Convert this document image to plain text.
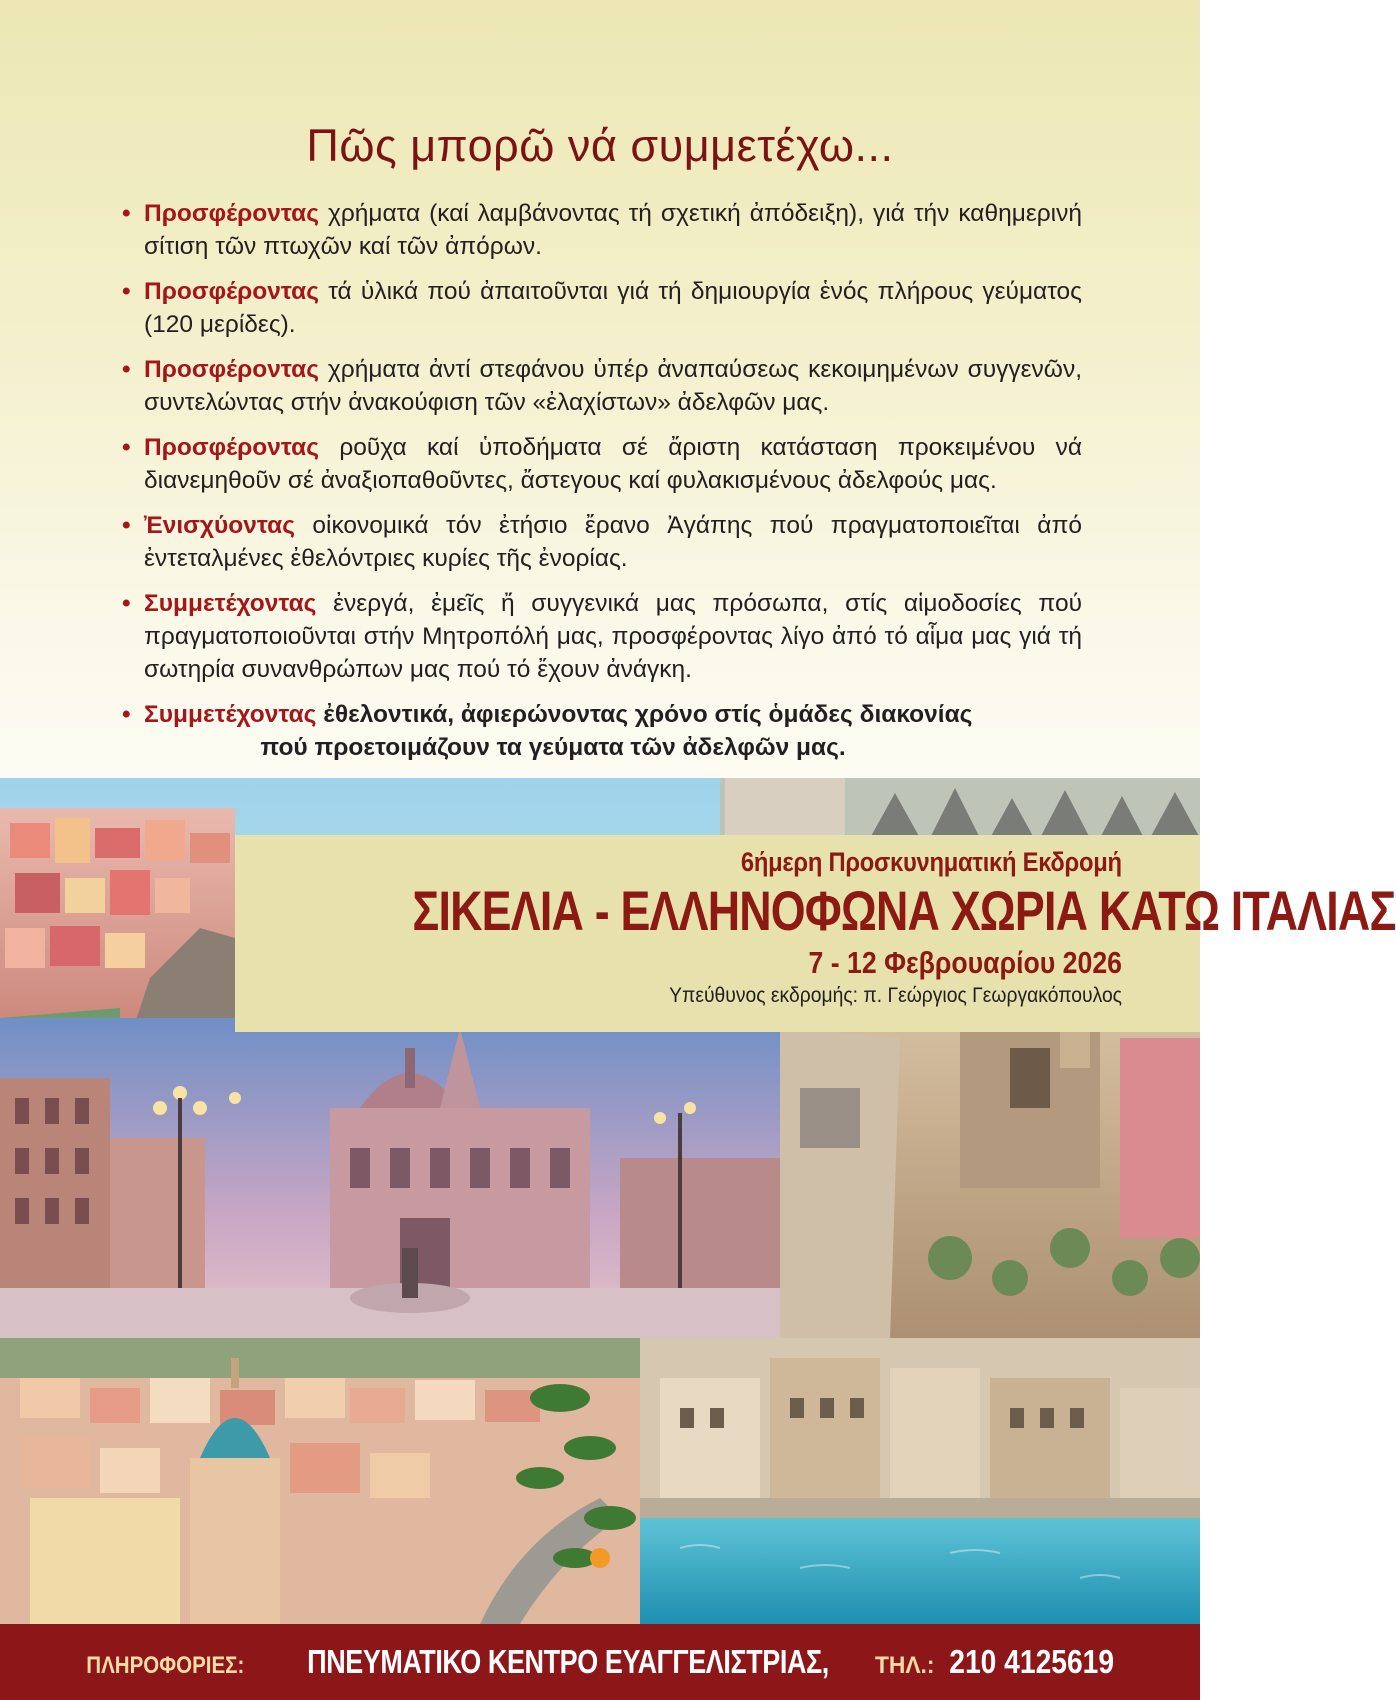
Πῶς μπορῶ νά συμμετέχω...
• Προσφέροντας χρήματα (καί λαμβάνοντας τή σχετική ἀπόδειξη), γιά τήν καθημερινή σίτιση τῶν πτωχῶν καί τῶν ἀπόρων.
• Προσφέροντας τά ὑλικά πού ἀπαιτοῦνται γιά τή δημιουργία ἑνός πλήρους γεύματος (120 μερίδες).
• Προσφέροντας χρήματα ἀντί στεφάνου ὑπέρ ἀναπαύσεως κεκοιμημένων συγγενῶν, συντελώντας στήν ἀνακούφιση τῶν «ἐλαχίστων» ἀδελφῶν μας.
• Προσφέροντας ροῦχα καί ὑποδήματα σέ ἄριστη κατάσταση προκειμένου νά διανεμηθοῦν σέ ἀναξιοπαθοῦντες, ἄστεγους καί φυλακισμένους ἀδελφούς μας.
• Ἐνισχύοντας οἰκονομικά τόν ἐτήσιο ἔρανο Ἀγάπης πού πραγματοποιεῖται ἀπό ἐντεταλμένες ἐθελόντριες κυρίες τῆς ἐνορίας.
• Συμμετέχοντας ἐνεργά, ἐμεῖς ἤ συγγενικά μας πρόσωπα, στίς αἱμοδοσίες πού πραγματοποιοῦνται στήν Μητροπόλή μας, προσφέροντας λίγο ἀπό τό αἷμα μας γιά τή σωτηρία συνανθρώπων μας πού τό ἔχουν ἀνάγκη.
• Συμμετέχοντας ἐθελοντικά, ἀφιερώνοντας χρόνο στίς ὁμάδες διακονίας
πού προετοιμάζουν τα γεύματα τῶν ἀδελφῶν μας.
6ήμερη Προσκυνηματική Εκδρομή
ΣΙΚΕΛΙΑ - ΕΛΛΗΝΟΦΩΝΑ ΧΩΡΙΑ ΚΑΤΩ ΙΤΑΛΙΑΣ
7 - 12 Φεβρουαρίου 2026
Υπεύθυνος εκδρομής: π. Γεώργιος Γεωργακόπουλος
ΠΛΗΡΟΦΟΡΙΕΣ: ΠΝΕΥΜΑΤΙΚΟ ΚΕΝΤΡΟ ΕΥΑΓΓΕΛΙΣΤΡΙΑΣ, ΤΗΛ.: 210 4125619
